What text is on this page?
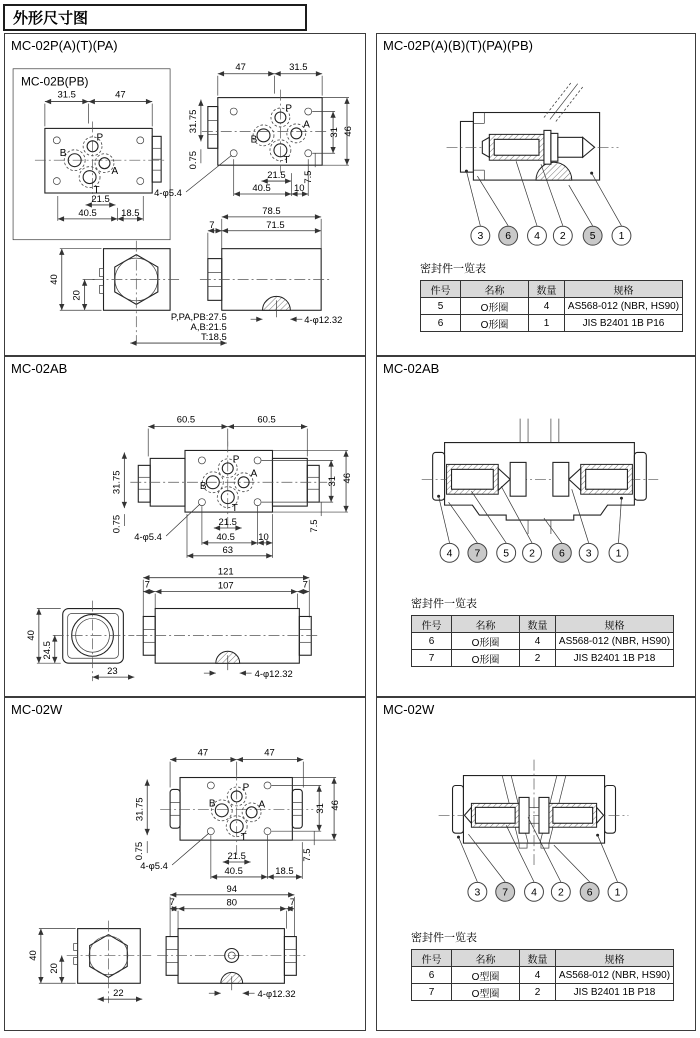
外形尺寸图
MC-02P(A)(T)(PA)
MC-02B(PB)
31.5	47
P
B
A
T
21.5
40.5	18.5
47	31.5
P
A
B
T
31.75
0.75
31 46
21.5
40.5 10
7.5
4-φ5.4
78.5
7	71.5
4-φ12.32
40
20
P,PA,PB:27.5
A,B:21.5
T:18.5
MC-02P(A)(B)(T)(PA)(PB)
3 6 4 2 5 1
密封件一览表
件号	名称	数量	规格
5	O形圈	4	AS568-012 (NBR, HS90)
6	O形圈	1	JIS B2401 1B P16
MC-02AB
60.5	60.5
P
A
B
T
31.75
0.75
31 46
21.5
40.5 10
63
7.5
4-φ5.4
121
7	107	7
4-φ12.32
40
24.5
23
MC-02AB
4 7 5 2 6 3 1
密封件一览表
件号	名称	数量	规格
6	O形圈	4	AS568-012 (NBR, HS90)
7	O形圈	2	JIS B2401 1B P18
MC-02W
47	47
P
A
B
T
31.75
0.75
31 46
21.5
40.5	18.5
7.5
4-φ5.4
94
7	80	7
4-φ12.32
40
20
22
MC-02W
3 7 4 2 6 1
密封件一览表
件号	名称	数量	规格
6	O型圈	4	AS568-012 (NBR, HS90)
7	O型圈	2	JIS B2401 1B P18
